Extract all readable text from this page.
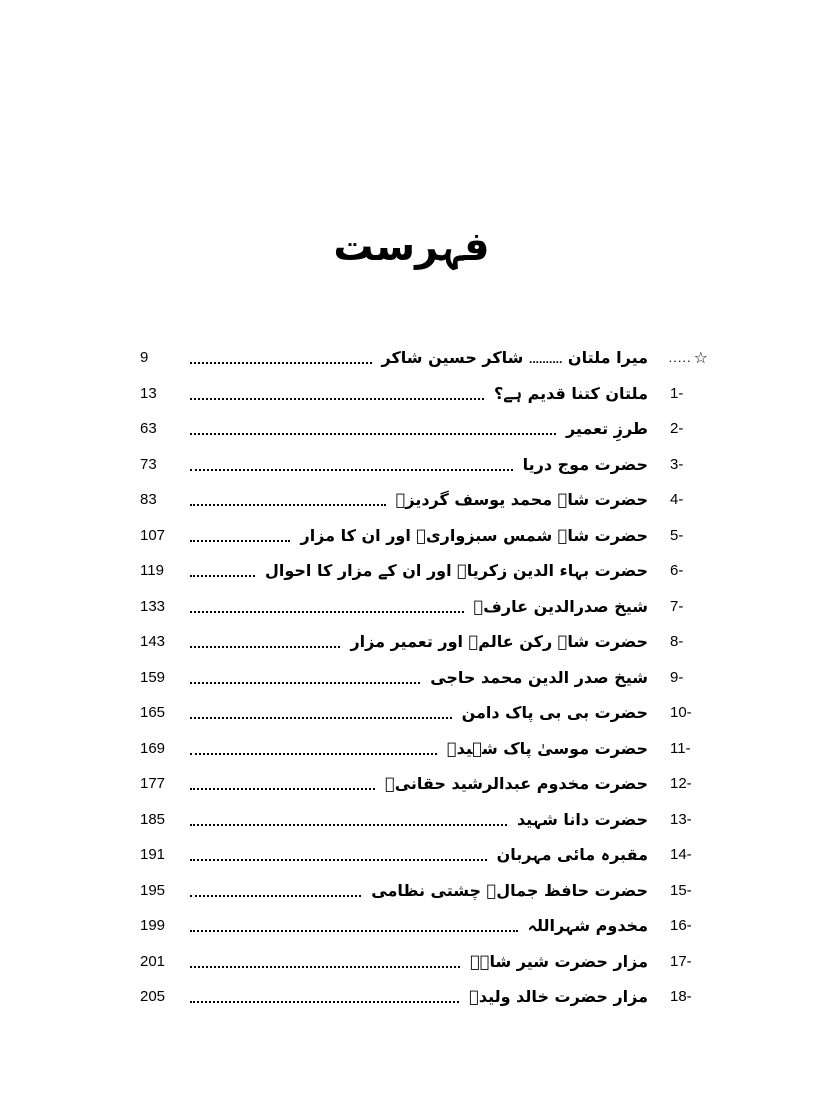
فہرست
☆
.....
میرا ملتان .......... شاکر حسین شاکر
9
1-
ملتان کتنا قدیم ہے؟
13
2-
طرزِ تعمیر
63
3-
حضرت موج دریا
73
4-
حضرت شاہ محمد یوسف گردیزؒ
83
5-
حضرت شاہ شمس سبزواریؒ اور ان کا مزار
107
6-
حضرت بہاء الدین زکریاؒ اور ان کے مزار کا احوال
119
7-
شیخ صدرالدین عارفؒ
133
8-
حضرت شاہ رکن عالمؒ اور تعمیر مزار
143
9-
شیخ صدر الدین محمد حاجی
159
10-
حضرت بی بی پاک دامن
165
11-
حضرت موسیٰ پاک شہیدؒ
169
12-
حضرت مخدوم عبدالرشید حقانیؒ
177
13-
حضرت دانا شہید
185
14-
مقبرہ مائی مہربان
191
15-
حضرت حافظ جمالؒ چشتی نظامی
195
16-
مخدوم شہراللہ
199
17-
مزار حضرت شیر شاہؒ
201
18-
مزار حضرت خالد ولیدؒ
205
